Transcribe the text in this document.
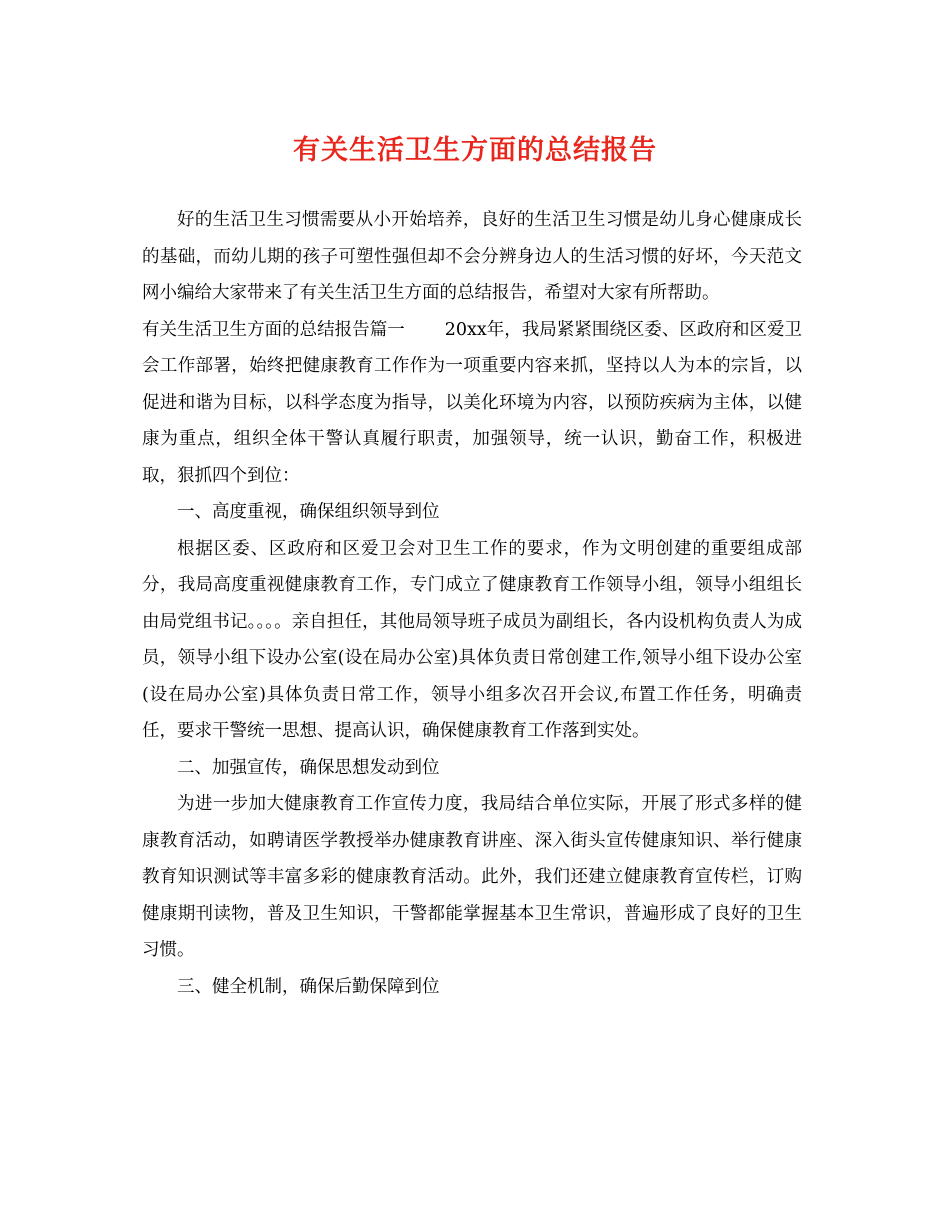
有关生活卫生方面的总结报告

好的生活卫生习惯需要从小开始培养，良好的生活卫生习惯是幼儿身心健康成长的基础，而幼儿期的孩子可塑性强但却不会分辨身边人的生活习惯的好坏，今天范文网小编给大家带来了有关生活卫生方面的总结报告，希望对大家有所帮助。

有关生活卫生方面的总结报告篇一 20xx年，我局紧紧围绕区委、区政府和区爱卫会工作部署，始终把健康教育工作作为一项重要内容来抓，坚持以人为本的宗旨，以促进和谐为目标，以科学态度为指导，以美化环境为内容，以预防疾病为主体，以健康为重点，组织全体干警认真履行职责，加强领导，统一认识，勤奋工作，积极进取，狠抓四个到位：

一、高度重视，确保组织领导到位

根据区委、区政府和区爱卫会对卫生工作的要求，作为文明创建的重要组成部分，我局高度重视健康教育工作，专门成立了健康教育工作领导小组，领导小组组长由局党组书记。。。。亲自担任，其他局领导班子成员为副组长，各内设机构负责人为成员，领导小组下设办公室(设在局办公室)具体负责日常创建工作,领导小组下设办公室(设在局办公室)具体负责日常工作，领导小组多次召开会议,布置工作任务，明确责任，要求干警统一思想、提高认识，确保健康教育工作落到实处。

二、加强宣传，确保思想发动到位

为进一步加大健康教育工作宣传力度，我局结合单位实际，开展了形式多样的健康教育活动，如聘请医学教授举办健康教育讲座、深入街头宣传健康知识、举行健康教育知识测试等丰富多彩的健康教育活动。此外，我们还建立健康教育宣传栏，订购健康期刊读物，普及卫生知识，干警都能掌握基本卫生常识，普遍形成了良好的卫生习惯。

三、健全机制，确保后勤保障到位
